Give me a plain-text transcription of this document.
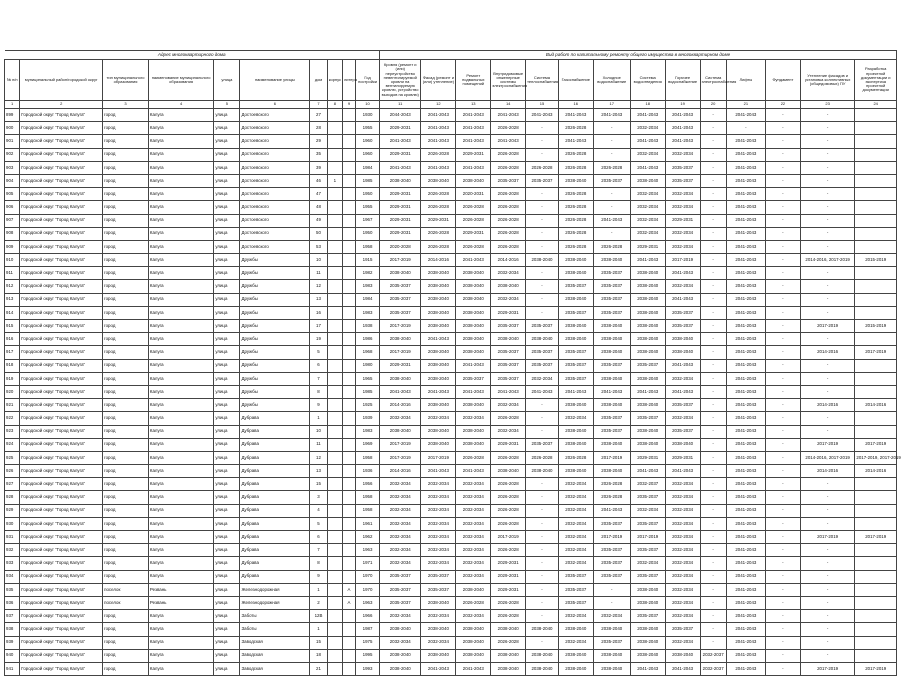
Адрес многоквартирного дома										Вид работ по капитальному ремонту общего имущества в многоквартирном доме													
№ п/п	муниципальный район/городской округ	тип муниципального образования	наименование муниципального образования	улица	наименование улицы	дом	корпус	литера	Год постройки	Кровля (ремонт и (или) переустройство невентилируемой кровли на вентилируемую кровлю, устройство выходов на кровлю)	Фасад (ремонт и (или) утепление)	Ремонт подвальных помещений	Внутридомовые инженерные системы электроснабжения	Система теплоснабжения	Газоснабжение	Холодное водоснабжение	Система водоотведения	Горячее водоснабжение	Система электроснабжения	Лифты	Фундамент	Утепление фасадов и установка коллективных (общедомовых) ПУ	Разработка проектной документации и экспертиза проектной документации
1	2	3	4	5	6	7	8	9	10	11	12	13	14	15	16	17	18	19	20	21	22	23	24
899	Городской округ "Город Калуга"	город	Калуга	улица	Достоевского	27			1930	2044-2043	2041-2043	2041-2043	2041-2043	2041-2043	2041-2043	2041-2043	2041-2043	2041-2043	-	2041-2043	-	-	
900	Городской округ "Город Калуга"	город	Калуга	улица	Достоевского	28			1955	2029-2031	2041-2043	2041-2043	2026-2028	-	2026-2028	-	2032-2034	2041-2043	-	-	-	-	
901	Городской округ "Город Калуга"	город	Калуга	улица	Достоевского	29			1960	2041-2043	2041-2043	2041-2043	2041-2043	-	2041-2043	-	2041-2043	2041-2043	-	2041-2043	-	-	
902	Городской округ "Город Калуга"	город	Калуга	улица	Достоевского	35			1960	2029-2031	2026-2028	2029-2031	2026-2028	-	2026-2028	-	2032-2034	2032-2034	-	2041-2043	-	-	
903	Городской округ "Город Калуга"	город	Калуга	улица	Достоевского	39			1984	2041-2043	2041-2043	2041-2043	2026-2028	2026-2028	2026-2028	2026-2028	2041-2043	2035-2037	-	2041-2043	-	-	
904	Городской округ "Город Калуга"	город	Калуга	улица	Достоевского	46	1		1985	2038-2040	2038-2040	2038-2040	2035-2037	2035-2037	2038-2040	2035-2037	2038-2040	2035-2037	-	2041-2043	-	-	
905	Городской округ "Город Калуга"	город	Калуга	улица	Достоевского	47			1950	2029-2031	2026-2028	2020-2031	2026-2028	-	2026-2028	-	2032-2034	2032-2034	-	2041-2043	-	-	
906	Городской округ "Город Калуга"	город	Калуга	улица	Достоевского	48			1955	2029-2031	2026-2028	2026-2028	2026-2028	-	2026-2028	-	2032-2034	2032-2034	-	2041-2043	-	-	
907	Городской округ "Город Калуга"	город	Калуга	улица	Достоевского	49			1967	2029-2031	2029-2031	2026-2028	2026-2028	-	2026-2028	2041-2043	2032-2034	2029-2031	-	2041-2043	-	-	
908	Городской округ "Город Калуга"	город	Калуга	улица	Достоевского	50			1950	2029-2031	2026-2028	2029-2031	2026-2028	-	2026-2028	-	2032-2034	2032-2034	-	2041-2043	-	-	
909	Городской округ "Город Калуга"	город	Калуга	улица	Достоевского	53			1958	2020-2028	2026-2028	2026-2028	2026-2028	-	2026-2028	2026-2028	2029-2031	2032-2034	-	2041-2043	-	-	
910	Городской округ "Город Калуга"	город	Калуга	улица	Дружбы	10			1915	2017-2019	2014-2016	2041-2043	2014-2016	2038-2040	2038-2040	2038-2040	2041-2043	2017-2019	-	2041-2043	-	2014-2016, 2017-2019	2015-2019
911	Городской округ "Город Калуга"	город	Калуга	улица	Дружбы	11			1982	2038-2040	2038-2040	2038-2040	2032-2034	-	2038-2040	2035-2037	2038-2040	2041-2043	-	2041-2043	-	-	
912	Городской округ "Город Калуга"	город	Калуга	улица	Дружбы	12			1983	2035-2037	2038-2040	2038-2040	2038-2040	-	2035-2037	2035-2037	2038-2040	2032-2034	-	2041-2043	-	-	
913	Городской округ "Город Калуга"	город	Калуга	улица	Дружбы	13			1984	2035-2037	2038-2040	2038-2040	2032-2034	-	2038-2040	2035-2037	2038-2040	2041-2043	-	2041-2043	-	-	
914	Городской округ "Город Калуга"	город	Калуга	улица	Дружбы	16			1983	2035-2037	2038-2040	2038-2040	2029-2031	-	2035-2037	2035-2037	2038-2040	2035-2037	-	2041-2043	-	-	
915	Городской округ "Город Калуга"	город	Калуга	улица	Дружбы	17			1938	2017-2019	2038-2040	2038-2040	2035-2037	2035-2037	2038-2040	2038-2040	2038-2040	2035-2037	-	2041-2043	-	2017-2019	2015-2019
916	Городской округ "Город Калуга"	город	Калуга	улица	Дружбы	19			1986	2038-2040	2041-2043	2038-2040	2038-2040	2038-2040	2038-2040	2038-2040	2038-2040	2038-2040	-	2041-2043	-	-	
917	Городской округ "Город Калуга"	город	Калуга	улица	Дружбы	5			1968	2017-2019	2038-2040	2038-2040	2035-2037	2035-2037	2035-2037	2038-2040	2038-2040	2038-2040	-	2041-2043	-	2014-2016	2017-2019
918	Городской округ "Город Калуга"	город	Калуга	улица	Дружбы	6			1980	2029-2031	2038-2040	2041-2043	2035-2037	2035-2037	2035-2037	2035-2037	2035-2037	2041-2043	-	2041-2043	-	-	
919	Городской округ "Город Калуга"	город	Калуга	улица	Дружбы	7			1965	2038-2040	2038-2040	2035-2037	2035-2037	2032-2034	2035-2037	2038-2040	2038-2040	2032-2034	-	2041-2043	-	-	
920	Городской округ "Город Калуга"	город	Калуга	улица	Дружбы	8			1985	2041-2043	2041-2043	2041-2043	2041-2043	2041-2043	2041-2043	2041-2043	2041-2043	2041-2043	-	2041-2043	-	-	
921	Городской округ "Город Калуга"	город	Калуга	улица	Дружбы	9			1925	2014-2016	2038-2040	2038-2040	2032-2034	-	2038-2040	2038-2040	2038-2040	2035-2037	-	2041-2043	-	2014-2016	2014-2016
922	Городской округ "Город Калуга"	город	Калуга	улица	Дубрава	1			1939	2032-2034	2032-2034	2032-2034	2026-2028	-	2032-2034	2035-2037	2035-2037	2032-2034	-	2041-2043	-	-	
923	Городской округ "Город Калуга"	город	Калуга	улица	Дубрава	10			1983	2038-2040	2038-2040	2038-2040	2032-2034	-	2038-2040	2035-2037	2038-2040	2035-2037	-	2041-2043	-	-	
924	Городской округ "Город Калуга"	город	Калуга	улица	Дубрава	11			1969	2017-2019	2038-2040	2038-2040	2029-2031	2035-2037	2038-2040	2038-2040	2038-2040	2038-2040	-	2041-2043	-	2017-2019	2017-2019
925	Городской округ "Город Калуга"	город	Калуга	улица	Дубрава	12			1958	2017-2019	2017-2019	2026-2028	2026-2028	2026-2028	2026-2028	2017-2019	2029-2031	2029-2031	-	2041-2043	-	2014-2016, 2017-2019	2017-2019, 2017-2019
926	Городской округ "Город Калуга"	город	Калуга	улица	Дубрава	13			1936	2014-2016	2041-2043	2041-2043	2038-2040	2038-2040	2038-2040	2038-2040	2041-2043	2041-2043	-	2041-2043	-	2014-2016	2014-2016
927	Городской округ "Город Калуга"	город	Калуга	улица	Дубрава	15			1956	2032-2034	2032-2034	2032-2034	2026-2028	-	2032-2034	2026-2028	2032-2037	2032-2034	-	2041-2043	-	-	
928	Городской округ "Город Калуга"	город	Калуга	улица	Дубрава	3			1958	2032-2034	2032-2034	2032-2034	2026-2028	-	2032-2034	2026-2028	2035-2037	2032-2034	-	2041-2043	-	-	
929	Городской округ "Город Калуга"	город	Калуга	улица	Дубрава	4			1958	2032-2034	2032-2034	2032-2034	2026-2028	-	2032-2034	2041-2043	2032-2034	2032-2034	-	2041-2043	-	-	
930	Городской округ "Город Калуга"	город	Калуга	улица	Дубрава	5			1961	2032-2034	2032-2034	2032-2034	2026-2028	-	2032-2034	2035-2037	2035-2037	2032-2034	-	2041-2043	-	-	
931	Городской округ "Город Калуга"	город	Калуга	улица	Дубрава	6			1962	2032-2034	2032-2034	2032-2034	2017-2019	-	2032-2034	2017-2019	2017-2019	2032-2034	-	2041-2043	-	2017-2019	2017-2019
932	Городской округ "Город Калуга"	город	Калуга	улица	Дубрава	7			1963	2032-2034	2032-2034	2032-2034	2026-2028	-	2032-2034	2035-2037	2035-2037	2032-2034	-	2041-2043	-	-	
933	Городской округ "Город Калуга"	город	Калуга	улица	Дубрава	8			1971	2032-2034	2032-2034	2032-2034	2029-2031	-	2032-2034	2035-2037	2032-2034	2032-2034	-	2041-2043	-	-	
934	Городской округ "Город Калуга"	город	Калуга	улица	Дубрава	9			1970	2035-2037	2035-2037	2032-2034	2029-2031	-	2035-2037	2035-2037	2035-2037	2032-2034	-	2041-2043	-	-	
935	Городской округ "Город Калуга"	поселок	Резвань	улица	Железнодорожная	1		А	1970	2035-2037	2035-2037	2038-2040	2029-2031	-	2035-2037	-	2038-2040	2032-2034	-	2041-2043	-	-	
936	Городской округ "Город Калуга"	поселок	Резвань	улица	Железнодорожная	2		А	1963	2035-2037	2038-2040	2026-2028	2026-2028	-	2035-2037	-	2038-2040	2032-2034	-	2041-2043	-	-	
937	Городской округ "Город Калуга"	город	Калуга	улица	Заботы	12В			1966	2032-2034	2032-2034	2032-2034	2026-2028	-	2032-2034	2032-2034	2035-2037	2032-2034	-	2041-2043	-	-	
938	Городской округ "Город Калуга"	город	Калуга	улица	Заботы	1			1987	2038-2040	2038-2040	2038-2040	2038-2040	2038-2040	2038-2040	2038-2040	2038-2040	2035-2037	-	2041-2043	-	-	
939	Городской округ "Город Калуга"	город	Калуга	улица	Заводская	15			1975	2032-2034	2032-2034	2038-2040	2026-2028	-	2032-2034	2035-2037	2038-2040	2032-2034	-	2041-2043	-	-	
940	Городской округ "Город Калуга"	город	Калуга	улица	Заводская	18			1995	2038-2040	2038-2040	2038-2040	2038-2040	2038-2040	2038-2040	2038-2040	2038-2040	2038-2040	2032-2037	2041-2043	-	-	
941	Городской округ "Город Калуга"	город	Калуга	улица	Заводская	21			1993	2038-2040	2041-2043	2041-2043	2038-2040	2038-2040	2038-2040	2038-2040	2041-2043	2041-2043	2032-2037	2041-2043	-	2017-2019	2017-2019
